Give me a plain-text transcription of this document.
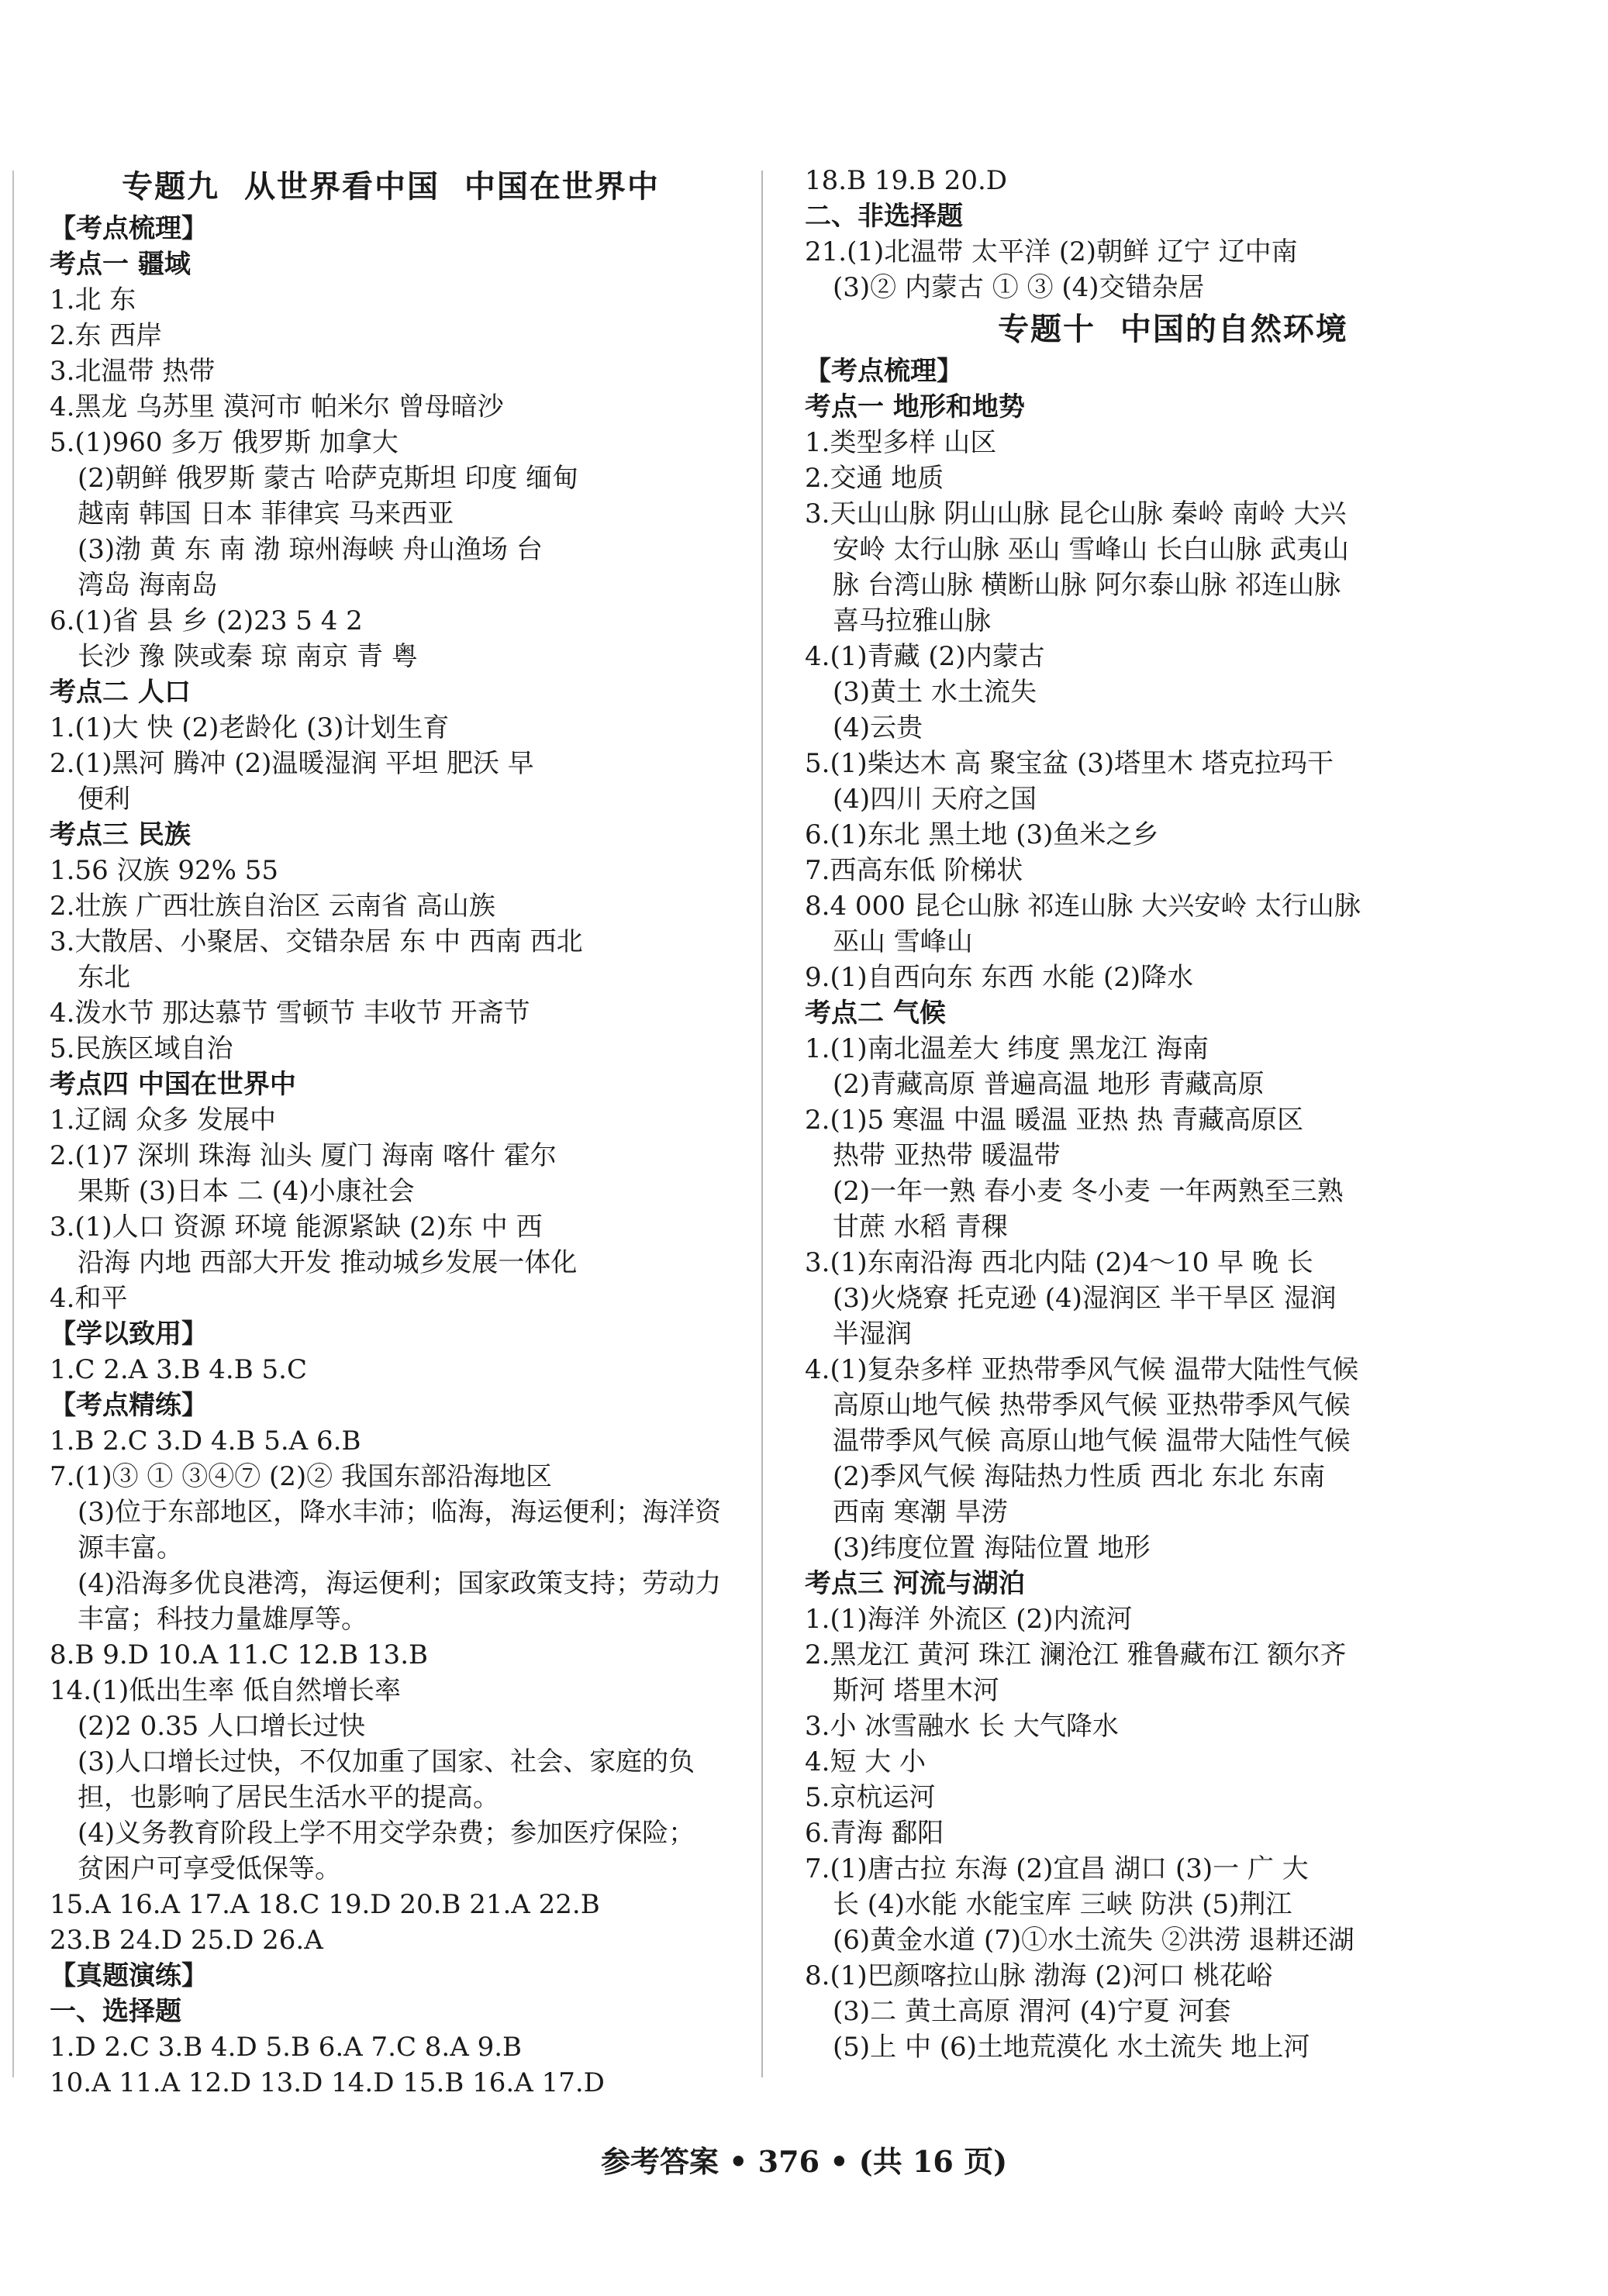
专题九  从世界看中国  中国在世界中
【考点梳理】
考点一 疆域
1.北 东
2.东 西岸
3.北温带 热带
4.黑龙 乌苏里 漠河市 帕米尔 曾母暗沙
5.(1)960 多万 俄罗斯 加拿大
(2)朝鲜 俄罗斯 蒙古 哈萨克斯坦 印度 缅甸
越南 韩国 日本 菲律宾 马来西亚
(3)渤 黄 东 南 渤 琼州海峡 舟山渔场 台
湾岛 海南岛
6.(1)省 县 乡 (2)23 5 4 2
长沙 豫 陕或秦 琼 南京 青 粤
考点二 人口
1.(1)大 快 (2)老龄化 (3)计划生育
2.(1)黑河 腾冲 (2)温暖湿润 平坦 肥沃 早
便利
考点三 民族
1.56 汉族 92% 55
2.壮族 广西壮族自治区 云南省 高山族
3.大散居、小聚居、交错杂居 东 中 西南 西北
东北
4.泼水节 那达慕节 雪顿节 丰收节 开斋节
5.民族区域自治
考点四 中国在世界中
1.辽阔 众多 发展中
2.(1)7 深圳 珠海 汕头 厦门 海南 喀什 霍尔
果斯 (3)日本 二 (4)小康社会
3.(1)人口 资源 环境 能源紧缺 (2)东 中 西
沿海 内地 西部大开发 推动城乡发展一体化
4.和平
【学以致用】
1.C 2.A 3.B 4.B 5.C
【考点精练】
1.B 2.C 3.D 4.B 5.A 6.B
7.(1)③ ① ③④⑦ (2)② 我国东部沿海地区
(3)位于东部地区，降水丰沛；临海，海运便利；海洋资
源丰富。
(4)沿海多优良港湾，海运便利；国家政策支持；劳动力
丰富；科技力量雄厚等。
8.B 9.D 10.A 11.C 12.B 13.B
14.(1)低出生率 低自然增长率
(2)2 0.35 人口增长过快
(3)人口增长过快，不仅加重了国家、社会、家庭的负
担，也影响了居民生活水平的提高。
(4)义务教育阶段上学不用交学杂费；参加医疗保险；
贫困户可享受低保等。
15.A 16.A 17.A 18.C 19.D 20.B 21.A 22.B
23.B 24.D 25.D 26.A
【真题演练】
一、选择题
1.D 2.C 3.B 4.D 5.B 6.A 7.C 8.A 9.B
10.A 11.A 12.D 13.D 14.D 15.B 16.A 17.D
18.B 19.B 20.D
二、非选择题
21.(1)北温带 太平洋 (2)朝鲜 辽宁 辽中南
(3)② 内蒙古 ① ③ (4)交错杂居
专题十  中国的自然环境
【考点梳理】
考点一 地形和地势
1.类型多样 山区
2.交通 地质
3.天山山脉 阴山山脉 昆仑山脉 秦岭 南岭 大兴
安岭 太行山脉 巫山 雪峰山 长白山脉 武夷山
脉 台湾山脉 横断山脉 阿尔泰山脉 祁连山脉
喜马拉雅山脉
4.(1)青藏 (2)内蒙古
(3)黄土 水土流失
(4)云贵
5.(1)柴达木 高 聚宝盆 (3)塔里木 塔克拉玛干
(4)四川 天府之国
6.(1)东北 黑土地 (3)鱼米之乡
7.西高东低 阶梯状
8.4 000 昆仑山脉 祁连山脉 大兴安岭 太行山脉
巫山 雪峰山
9.(1)自西向东 东西 水能 (2)降水
考点二 气候
1.(1)南北温差大 纬度 黑龙江 海南
(2)青藏高原 普遍高温 地形 青藏高原
2.(1)5 寒温 中温 暖温 亚热 热 青藏高原区
热带 亚热带 暖温带
(2)一年一熟 春小麦 冬小麦 一年两熟至三熟
甘蔗 水稻 青稞
3.(1)东南沿海 西北内陆 (2)4～10 早 晚 长
(3)火烧寮 托克逊 (4)湿润区 半干旱区 湿润
半湿润
4.(1)复杂多样 亚热带季风气候 温带大陆性气候
高原山地气候 热带季风气候 亚热带季风气候
温带季风气候 高原山地气候 温带大陆性气候
(2)季风气候 海陆热力性质 西北 东北 东南
西南 寒潮 旱涝
(3)纬度位置 海陆位置 地形
考点三 河流与湖泊
1.(1)海洋 外流区 (2)内流河
2.黑龙江 黄河 珠江 澜沧江 雅鲁藏布江 额尔齐
斯河 塔里木河
3.小 冰雪融水 长 大气降水
4.短 大 小
5.京杭运河
6.青海 鄱阳
7.(1)唐古拉 东海 (2)宜昌 湖口 (3)一 广 大
长 (4)水能 水能宝库 三峡 防洪 (5)荆江
(6)黄金水道 (7)①水土流失 ②洪涝 退耕还湖
8.(1)巴颜喀拉山脉 渤海 (2)河口 桃花峪
(3)二 黄土高原 渭河 (4)宁夏 河套
(5)上 中 (6)土地荒漠化 水土流失 地上河
参考答案 • 376 • (共 16 页)
